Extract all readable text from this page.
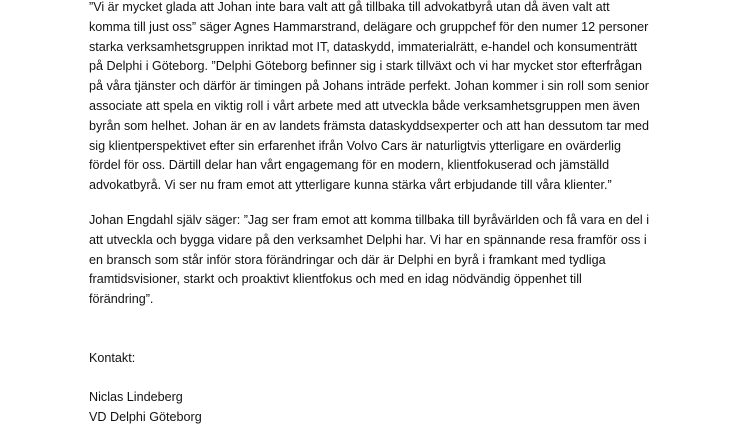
”Vi är mycket glada att Johan inte bara valt att gå tillbaka till advokatbyrå utan då även valt att
komma till just oss” säger Agnes Hammarstrand, delägare och gruppchef för den numer 12 personer
starka verksamhetsgruppen inriktad mot IT, dataskydd, immaterialrätt, e-handel och konsumenträtt
på Delphi i Göteborg. ”Delphi Göteborg befinner sig i stark tillväxt och vi har mycket stor efterfrågan
på våra tjänster och därför är timingen på Johans inträde perfekt. Johan kommer i sin roll som senior
associate att spela en viktig roll i vårt arbete med att utveckla både verksamhetsgruppen men även
byrån som helhet. Johan är en av landets främsta dataskyddsexperter och att han dessutom tar med
sig klientperspektivet efter sin erfarenhet ifrån Volvo Cars är naturligtvis ytterligare en ovärderlig
fördel för oss. Därtill delar han vårt engagemang för en modern, klientfokuserad och jämställd
advokatbyrå. Vi ser nu fram emot att ytterligare kunna stärka vårt erbjudande till våra klienter.”

Johan Engdahl själv säger: ”Jag ser fram emot att komma tillbaka till byråvärlden och få vara en del i
att utveckla och bygga vidare på den verksamhet Delphi har. Vi har en spännande resa framför oss i
en bransch som står inför stora förändringar och där är Delphi en byrå i framkant med tydliga
framtidsvisioner, starkt och proaktivt klientfokus och med en idag nödvändig öppenhet till
förändring”.

Kontakt:

Niclas Lindeberg
VD Delphi Göteborg
